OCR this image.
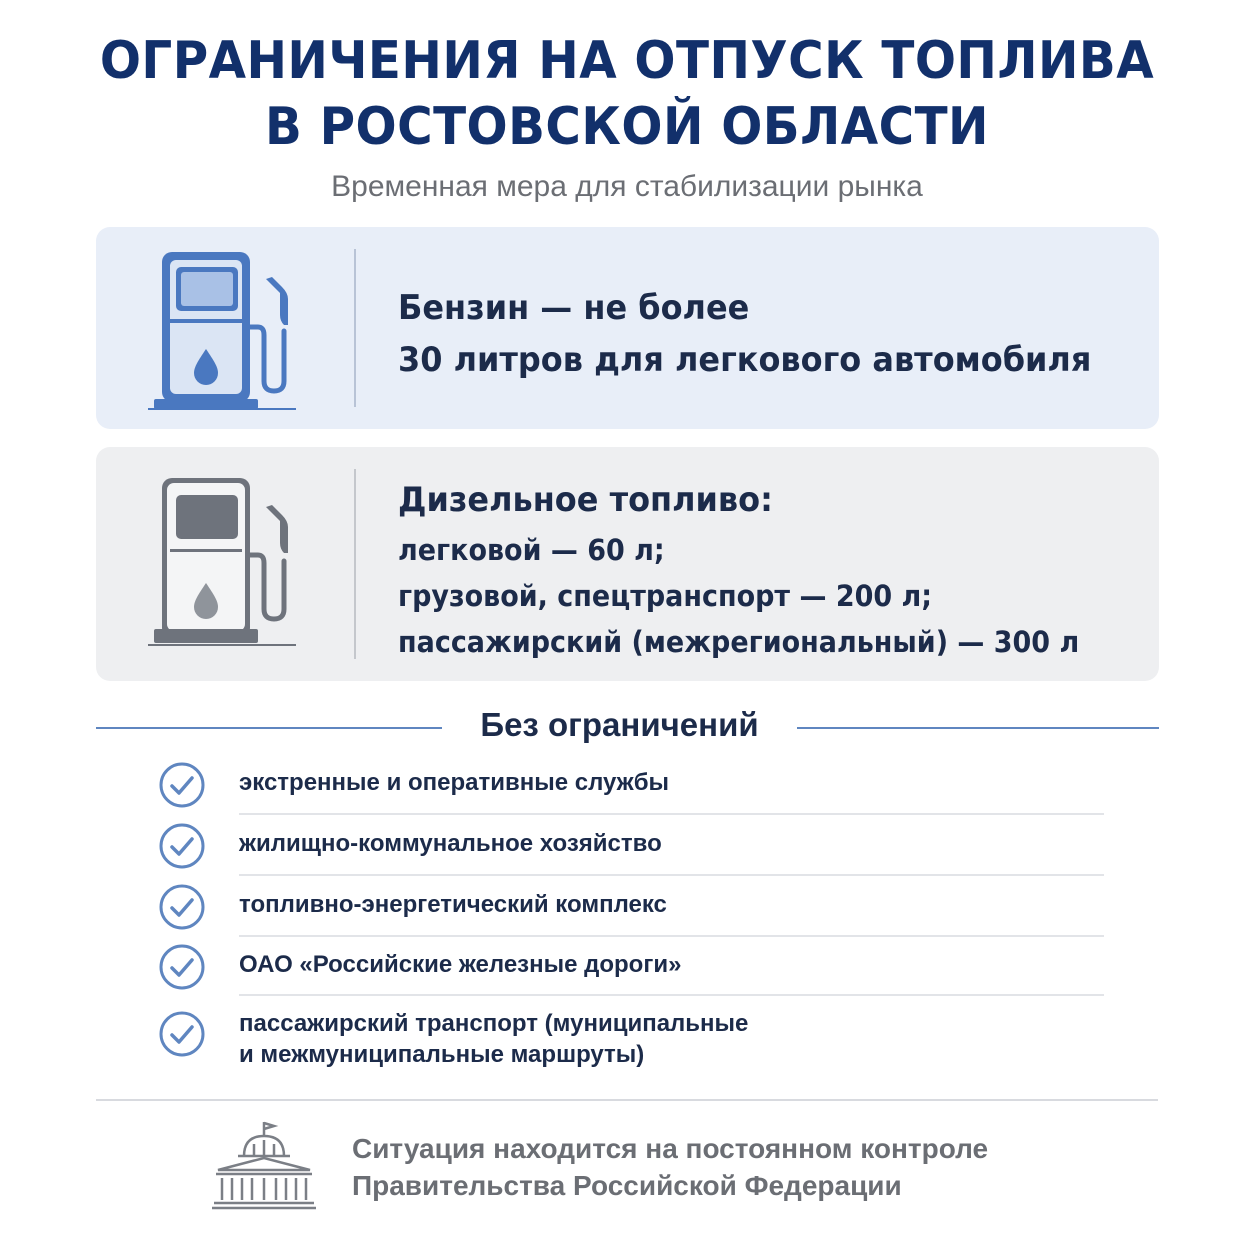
ОГРАНИЧЕНИЯ НА ОТПУСК ТОПЛИВА
В РОСТОВСКОЙ ОБЛАСТИ
Временная мера для стабилизации рынка
Бензин — не более
30 литров для легкового автомобиля
Дизельное топливо:
легковой — 60 л;
грузовой, спецтранспорт — 200 л;
пассажирский (межрегиональный) — 300 л
Без ограничений
экстренные и оперативные службы
жилищно-коммунальное хозяйство
топливно-энергетический комплекс
ОАО «Российские железные дороги»
пассажирский транспорт (муниципальные
и межмуниципальные маршруты)
Ситуация находится на постоянном контроле
Правительства Российской Федерации
